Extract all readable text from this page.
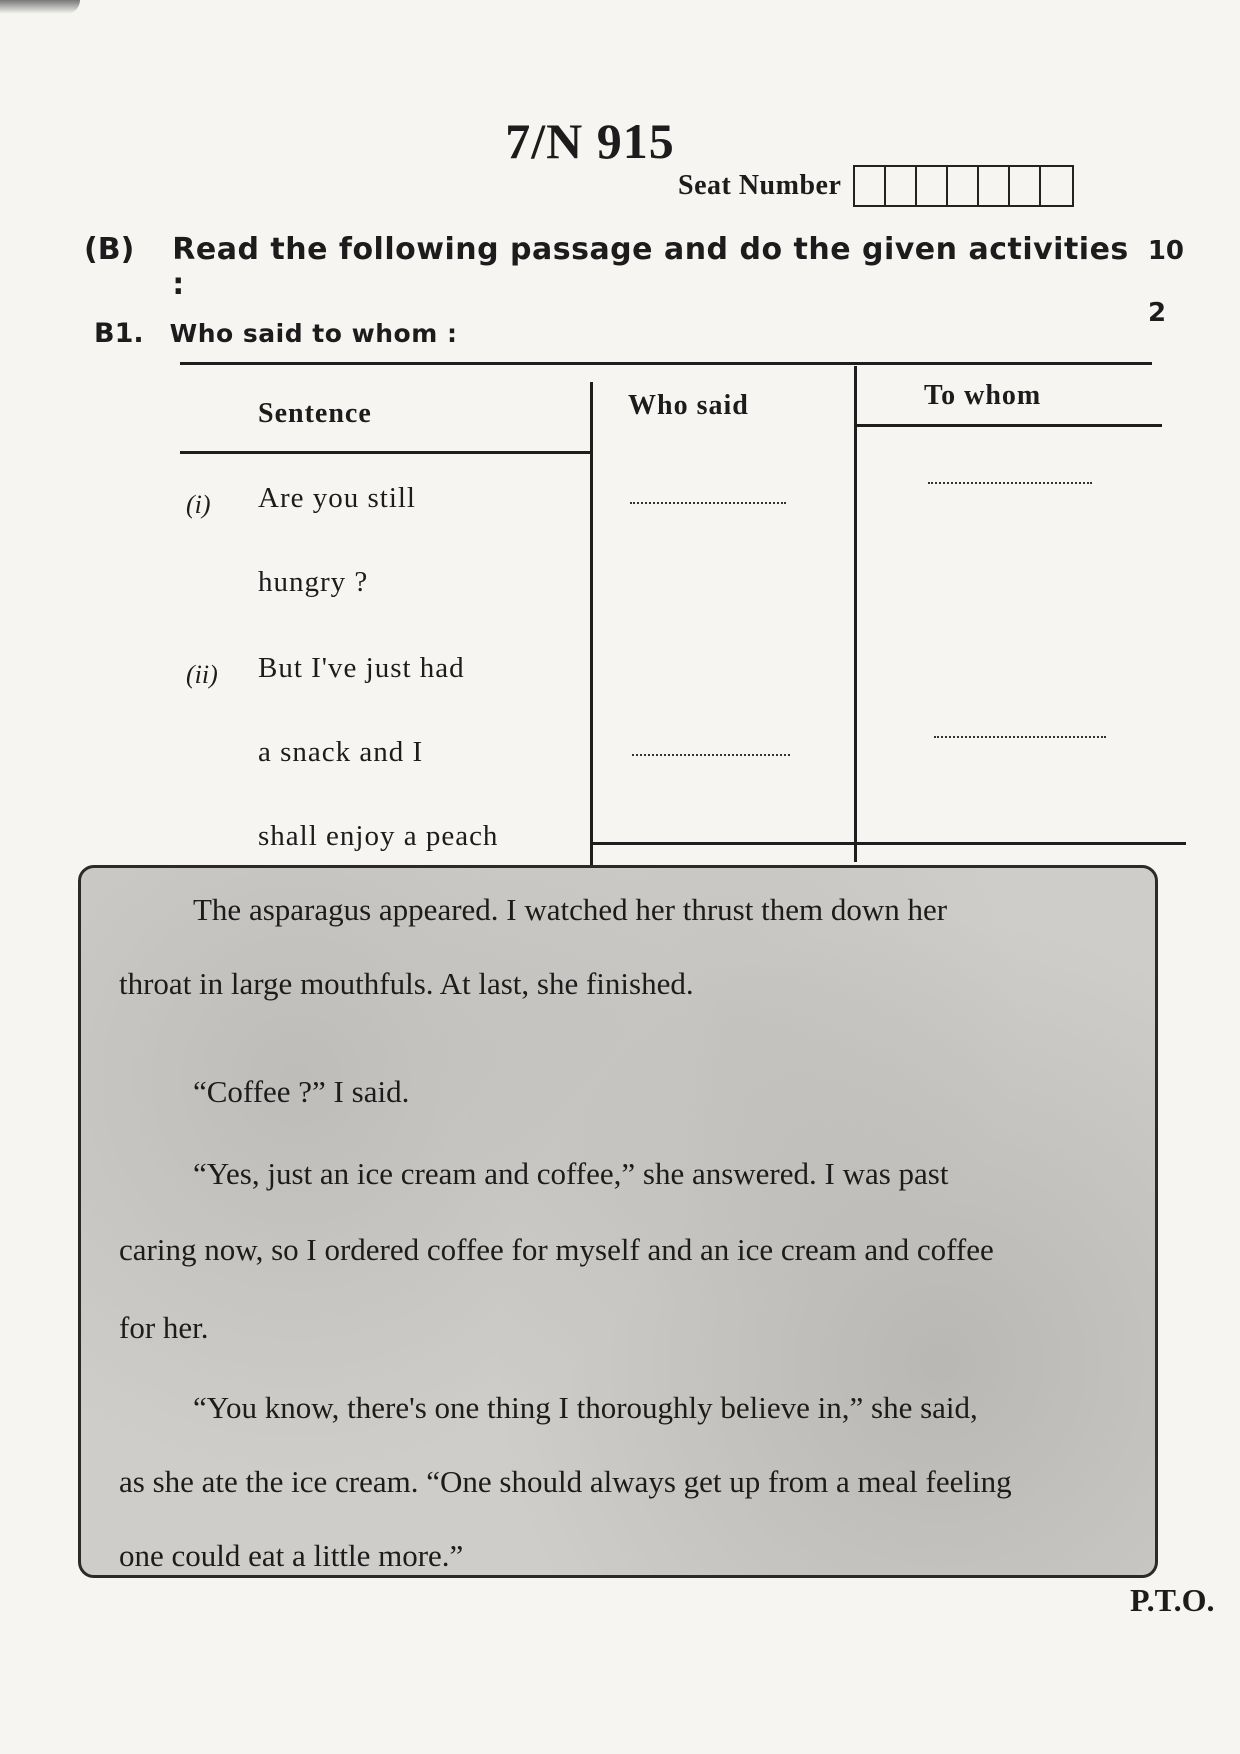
7/N 915
Seat Number
(B) Read the following passage and do the given activities :
10
2
B1. Who said to whom :
Sentence	Who said	To whom
(i) Are you still
hungry ?
(ii) But I've just had
a snack and I
shall enjoy a peach
The asparagus appeared. I watched her thrust them down her
throat in large mouthfuls. At last, she finished.
“Coffee ?” I said.
“Yes, just an ice cream and coffee,” she answered. I was past
caring now, so I ordered coffee for myself and an ice cream and coffee
for her.
“You know, there's one thing I thoroughly believe in,” she said,
as she ate the ice cream. “One should always get up from a meal feeling
one could eat a little more.”
P.T.O.
